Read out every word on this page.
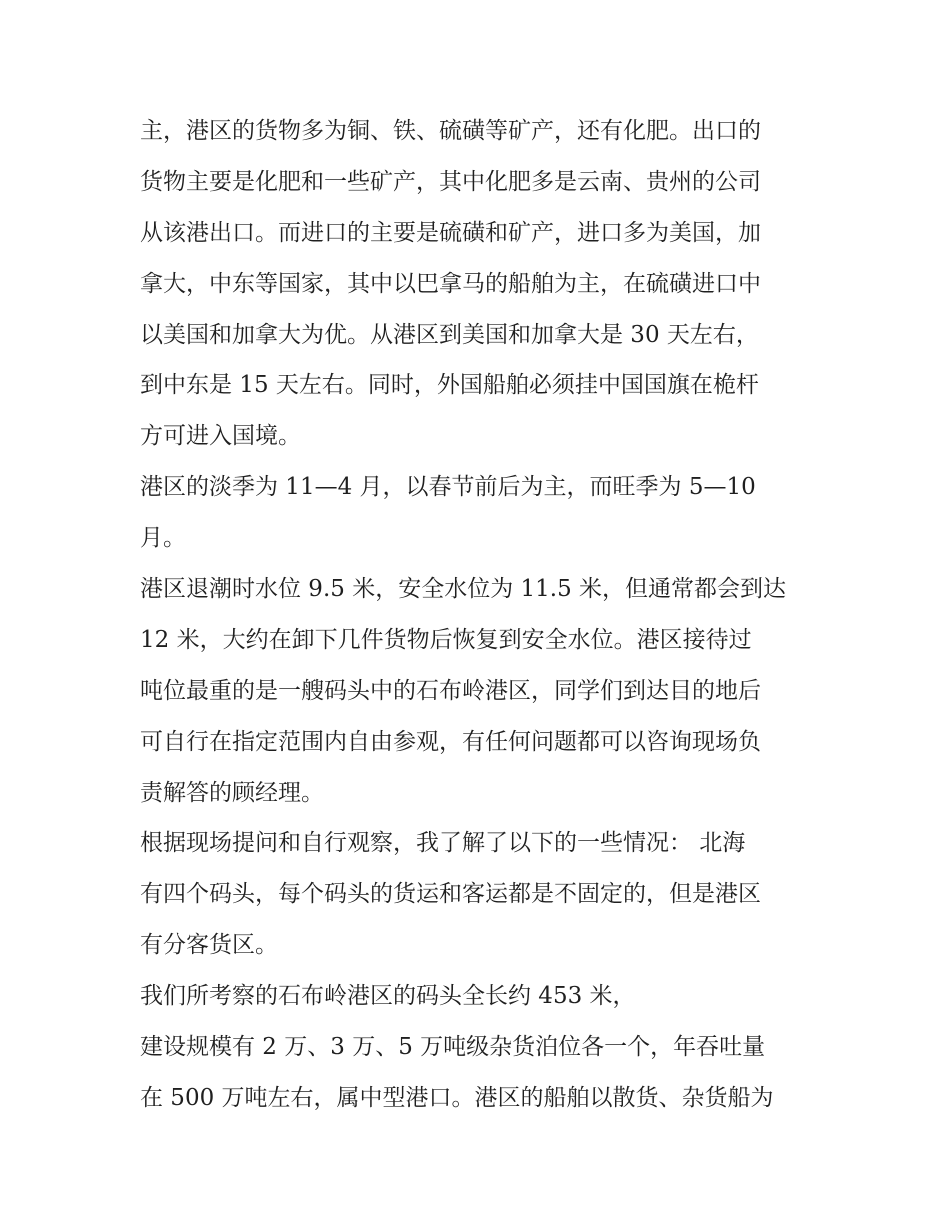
主，港区的货物多为铜、铁、硫磺等矿产，还有化肥。出口的
货物主要是化肥和一些矿产，其中化肥多是云南、贵州的公司
从该港出口。而进口的主要是硫磺和矿产，进口多为美国，加
拿大，中东等国家，其中以巴拿马的船舶为主，在硫磺进口中
以美国和加拿大为优。从港区到美国和加拿大是 30 天左右，
到中东是 15 天左右。同时，外国船舶必须挂中国国旗在桅杆
方可进入国境。
港区的淡季为 11—4 月，以春节前后为主，而旺季为 5—10
月。
港区退潮时水位 9.5 米，安全水位为 11.5 米，但通常都会到达
12 米，大约在卸下几件货物后恢复到安全水位。港区接待过
吨位最重的是一艘码头中的石布岭港区，同学们到达目的地后
可自行在指定范围内自由参观，有任何问题都可以咨询现场负
责解答的顾经理。
根据现场提问和自行观察，我了解了以下的一些情况： 北海
有四个码头，每个码头的货运和客运都是不固定的，但是港区
有分客货区。
我们所考察的石布岭港区的码头全长约 453 米，
建设规模有 2 万、3 万、5 万吨级杂货泊位各一个，年吞吐量
在 500 万吨左右，属中型港口。港区的船舶以散货、杂货船为
